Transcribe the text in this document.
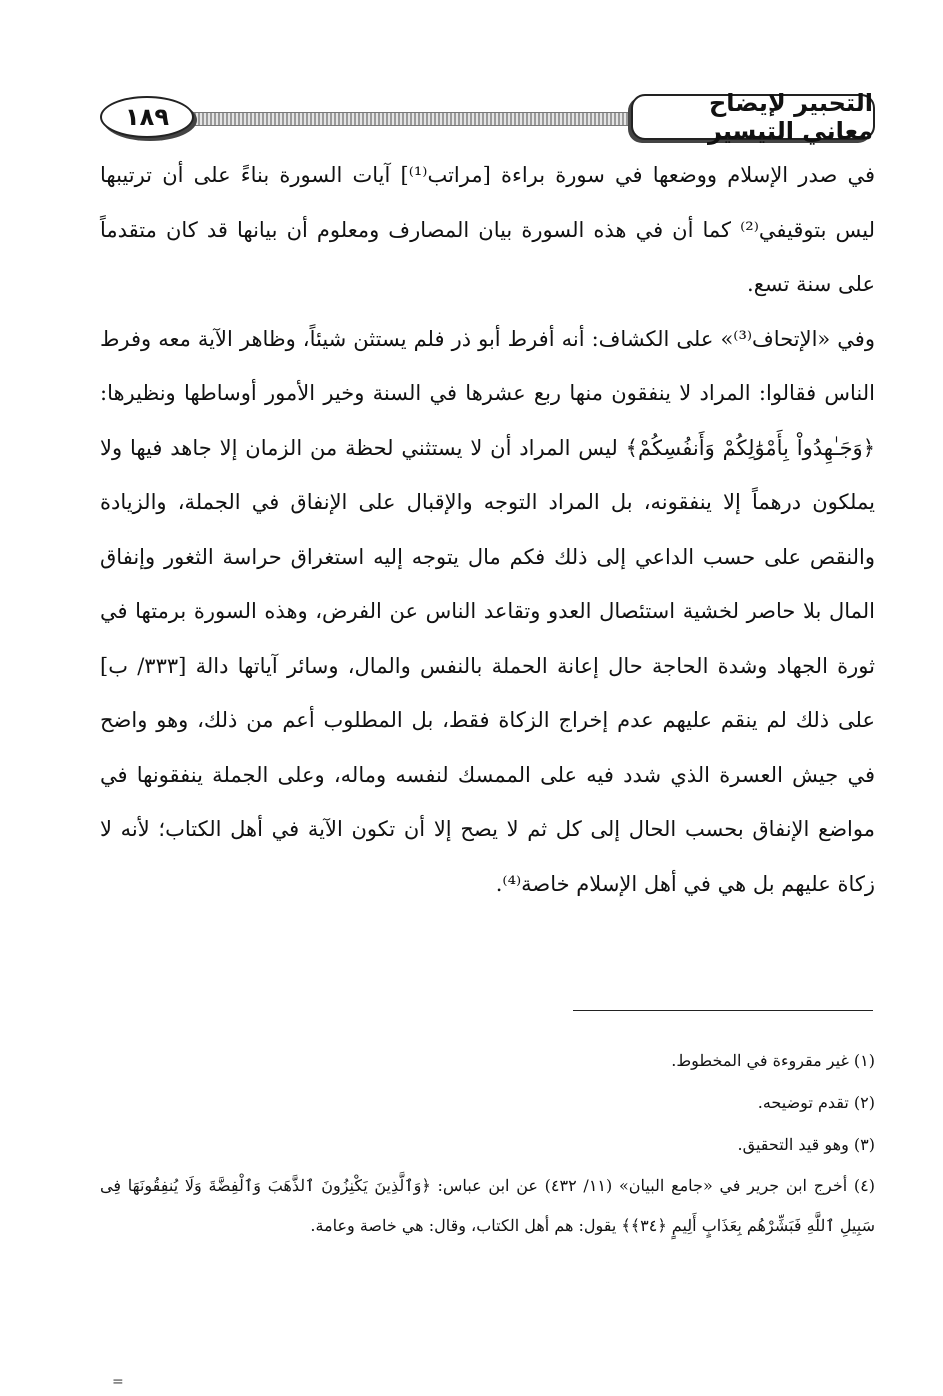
التحبير لإيضاح معاني التيسير
١٨٩

في صدر الإسلام ووضعها في سورة براءة [مراتب⁽¹⁾] آيات السورة بناءً على أن ترتيبها ليس بتوقيفي⁽²⁾ كما أن في هذه السورة بيان المصارف ومعلوم أن بيانها قد كان متقدماً على سنة تسع.

وفي «الإتحاف⁽³⁾» على الكشاف: أنه أفرط أبو ذر فلم يستثن شيئاً، وظاهر الآية معه وفرط الناس فقالوا: المراد لا ينفقون منها ربع عشرها في السنة وخير الأمور أوساطها ونظيرها: ﴿وَجَـٰهِدُواْ بِأَمْوَٰلِكُمْ وَأَنفُسِكُمْ﴾ ليس المراد أن لا يستثني لحظة من الزمان إلا جاهد فيها ولا يملكون درهماً إلا ينفقونه، بل المراد التوجه والإقبال على الإنفاق في الجملة، والزيادة والنقص على حسب الداعي إلى ذلك فكم مال يتوجه إليه استغراق حراسة الثغور وإنفاق المال بلا حاصر لخشية استئصال العدو وتقاعد الناس عن الفرض، وهذه السورة برمتها في ثورة الجهاد وشدة الحاجة حال إعانة الحملة بالنفس والمال، وسائر آياتها دالة [٣٣٣/ ب] على ذلك لم ينقم عليهم عدم إخراج الزكاة فقط، بل المطلوب أعم من ذلك، وهو واضح في جيش العسرة الذي شدد فيه على الممسك لنفسه وماله، وعلى الجملة ينفقونها في مواضع الإنفاق بحسب الحال إلى كل ثم لا يصح إلا أن تكون الآية في أهل الكتاب؛ لأنه لا زكاة عليهم بل هي في أهل الإسلام خاصة⁽⁴⁾.

(١) غير مقروءة في المخطوط.

(٢) تقدم توضيحه.

(٣) وهو قيد التحقيق.

(٤) أخرج ابن جرير في «جامع البيان» (١١/ ٤٣٢) عن ابن عباس: ﴿وَٱلَّذِينَ يَكْنِزُونَ ٱلذَّهَبَ وَٱلْفِضَّةَ وَلَا يُنفِقُونَهَا فِى سَبِيلِ ٱللَّهِ فَبَشِّرْهُم بِعَذَابٍ أَلِيمٍ ﴿٣٤﴾﴾ يقول: هم أهل الكتاب، وقال: هي خاصة وعامة.

=
